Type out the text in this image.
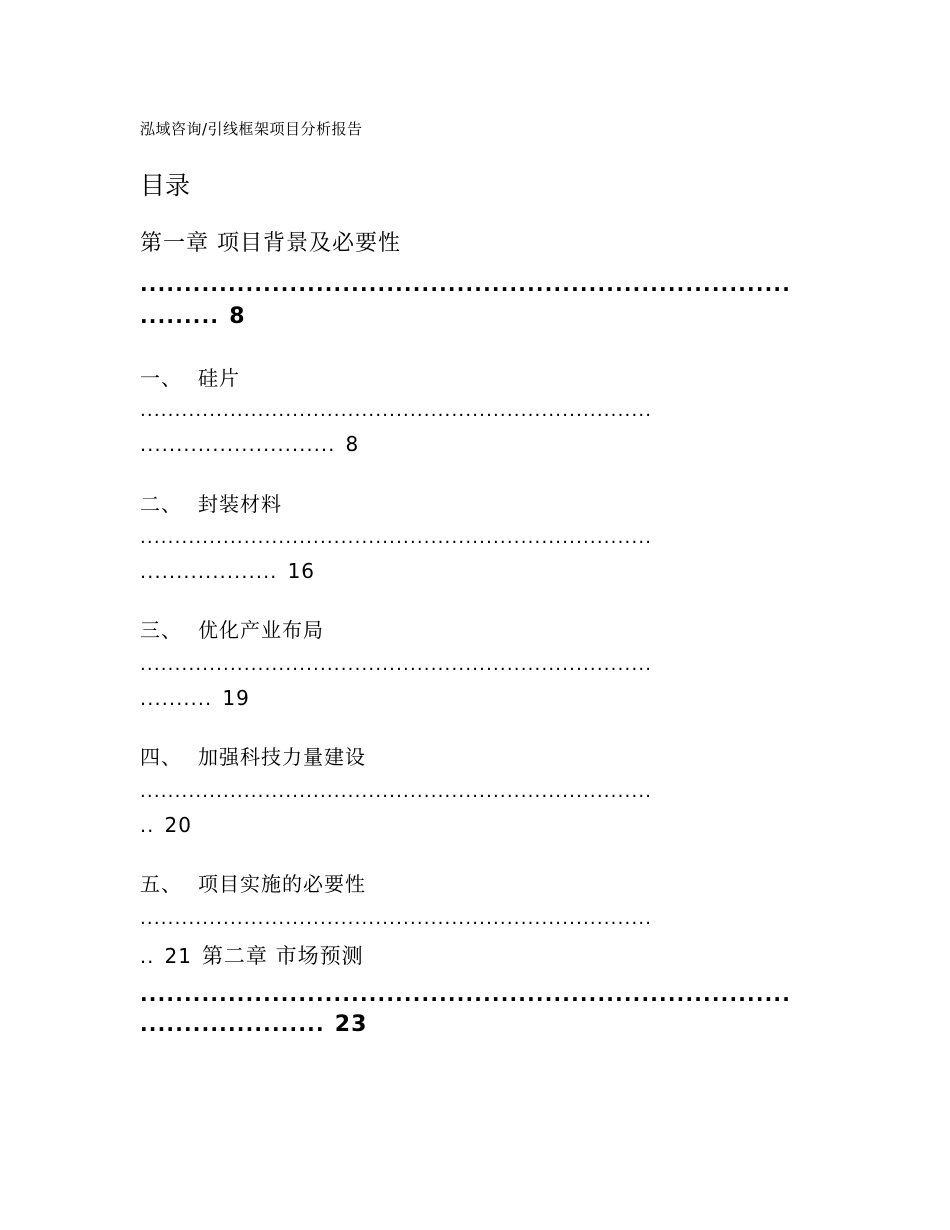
泓域咨询/引线框架项目分析报告
目录
第一章 项目背景及必要性
..........................................................................
......... 8
一、 硅片
..........................................................................
........................... 8
二、 封装材料
..........................................................................
................... 16
三、 优化产业布局
..........................................................................
.......... 19
四、 加强科技力量建设
..........................................................................
.. 20
五、 项目实施的必要性
..........................................................................
.. 21 第二章 市场预测
..........................................................................
..................... 23
